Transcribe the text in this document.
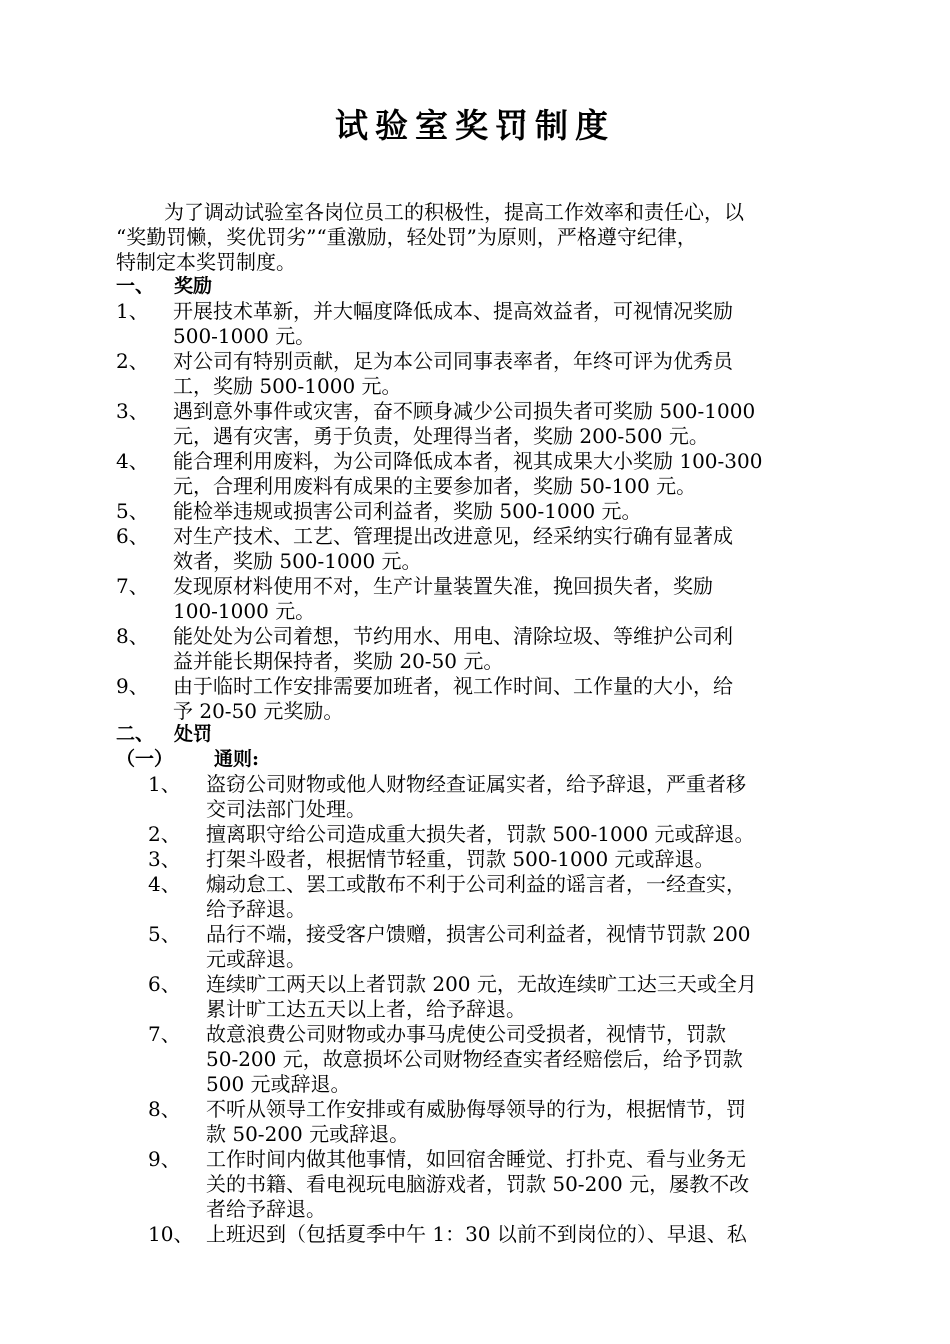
试验室奖罚制度

为了调动试验室各岗位员工的积极性，提高工作效率和责任心，以
“奖勤罚懒，奖优罚劣”“重激励，轻处罚”为原则，严格遵守纪律，
特制定本奖罚制度。

一、 奖励

1、 开展技术革新，并大幅度降低成本、提高效益者，可视情况奖励
500-1000 元。

2、 对公司有特别贡献，足为本公司同事表率者，年终可评为优秀员
工，奖励 500-1000 元。

3、 遇到意外事件或灾害，奋不顾身减少公司损失者可奖励 500-1000
元，遇有灾害，勇于负责，处理得当者，奖励 200-500 元。

4、 能合理利用废料，为公司降低成本者，视其成果大小奖励 100-300
元，合理利用废料有成果的主要参加者，奖励 50-100 元。

5、 能检举违规或损害公司利益者，奖励 500-1000 元。

6、 对生产技术、工艺、管理提出改进意见，经采纳实行确有显著成
效者，奖励 500-1000 元。

7、 发现原材料使用不对，生产计量装置失准，挽回损失者，奖励
100-1000 元。

8、 能处处为公司着想，节约用水、用电、清除垃圾、等维护公司利
益并能长期保持者，奖励 20-50 元。

9、 由于临时工作安排需要加班者，视工作时间、工作量的大小，给
予 20-50 元奖励。

二、 处罚

（一） 通则:

1、 盗窃公司财物或他人财物经查证属实者，给予辞退，严重者移
交司法部门处理。

2、 擅离职守给公司造成重大损失者，罚款 500-1000 元或辞退。

3、 打架斗殴者，根据情节轻重，罚款 500-1000 元或辞退。

4、 煽动怠工、罢工或散布不利于公司利益的谣言者，一经查实，
给予辞退。

5、 品行不端，接受客户馈赠，损害公司利益者，视情节罚款 200
元或辞退。

6、 连续旷工两天以上者罚款 200 元，无故连续旷工达三天或全月
累计旷工达五天以上者，给予辞退。

7、 故意浪费公司财物或办事马虎使公司受损者，视情节，罚款
50-200 元，故意损坏公司财物经查实者经赔偿后，给予罚款
500 元或辞退。

8、 不听从领导工作安排或有威胁侮辱领导的行为，根据情节，罚
款 50-200 元或辞退。

9、 工作时间内做其他事情，如回宿舍睡觉、打扑克、看与业务无
关的书籍、看电视玩电脑游戏者，罚款 50-200 元，屡教不改
者给予辞退。

10、 上班迟到（包括夏季中午 1：30 以前不到岗位的）、早退、私
